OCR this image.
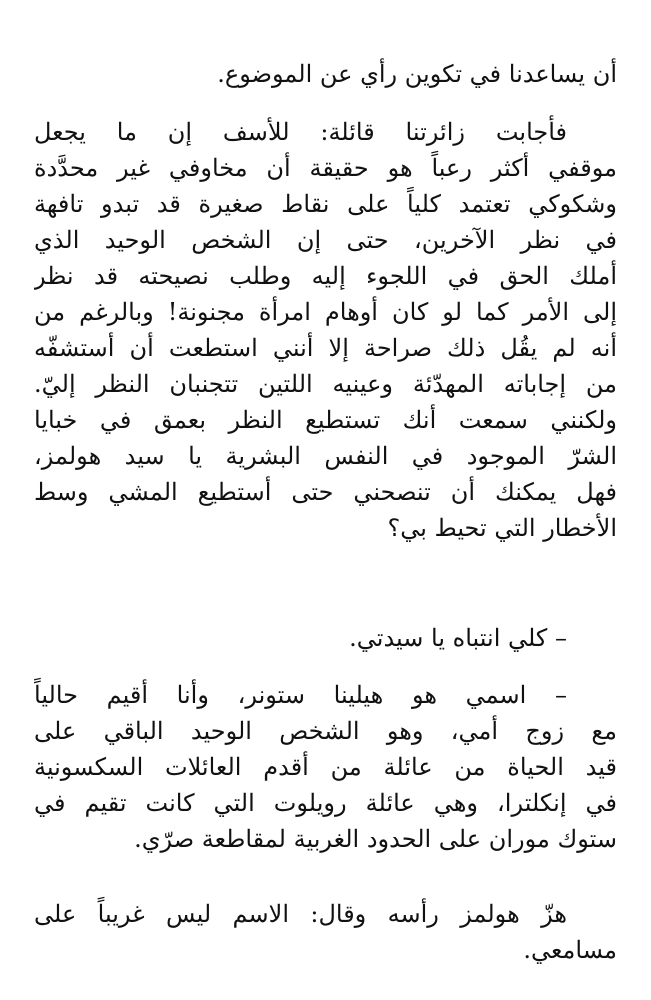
أن يساعدنا في تكوين رأي عن الموضوع.
فأجابت زائرتنا قائلة: للأسف إن ما يجعل
موقفي أكثر رعباً هو حقيقة أن مخاوفي غير محدَّدة
وشكوكي تعتمد كلياً على نقاط صغيرة قد تبدو تافهة
في نظر الآخرين، حتى إن الشخص الوحيد الذي
أملك الحق في اللجوء إليه وطلب نصيحته قد نظر
إلى الأمر كما لو كان أوهام امرأة مجنونة! وبالرغم من
أنه لم يقُل ذلك صراحة إلا أنني استطعت أن أستشفّه
من إجاباته المهدّئة وعينيه اللتين تتجنبان النظر إليّ.
ولكنني سمعت أنك تستطيع النظر بعمق في خبايا
الشرّ الموجود في النفس البشرية يا سيد هولمز،
فهل يمكنك أن تنصحني حتى أستطيع المشي وسط
الأخطار التي تحيط بي؟
– كلي انتباه يا سيدتي.
– اسمي هو هيلينا ستونر، وأنا أقيم حالياً
مع زوج أمي، وهو الشخص الوحيد الباقي على
قيد الحياة من عائلة من أقدم العائلات السكسونية
في إنكلترا، وهي عائلة رويلوت التي كانت تقيم في
ستوك موران على الحدود الغربية لمقاطعة صرّي.
هزّ هولمز رأسه وقال: الاسم ليس غريباً على
مسامعي.
